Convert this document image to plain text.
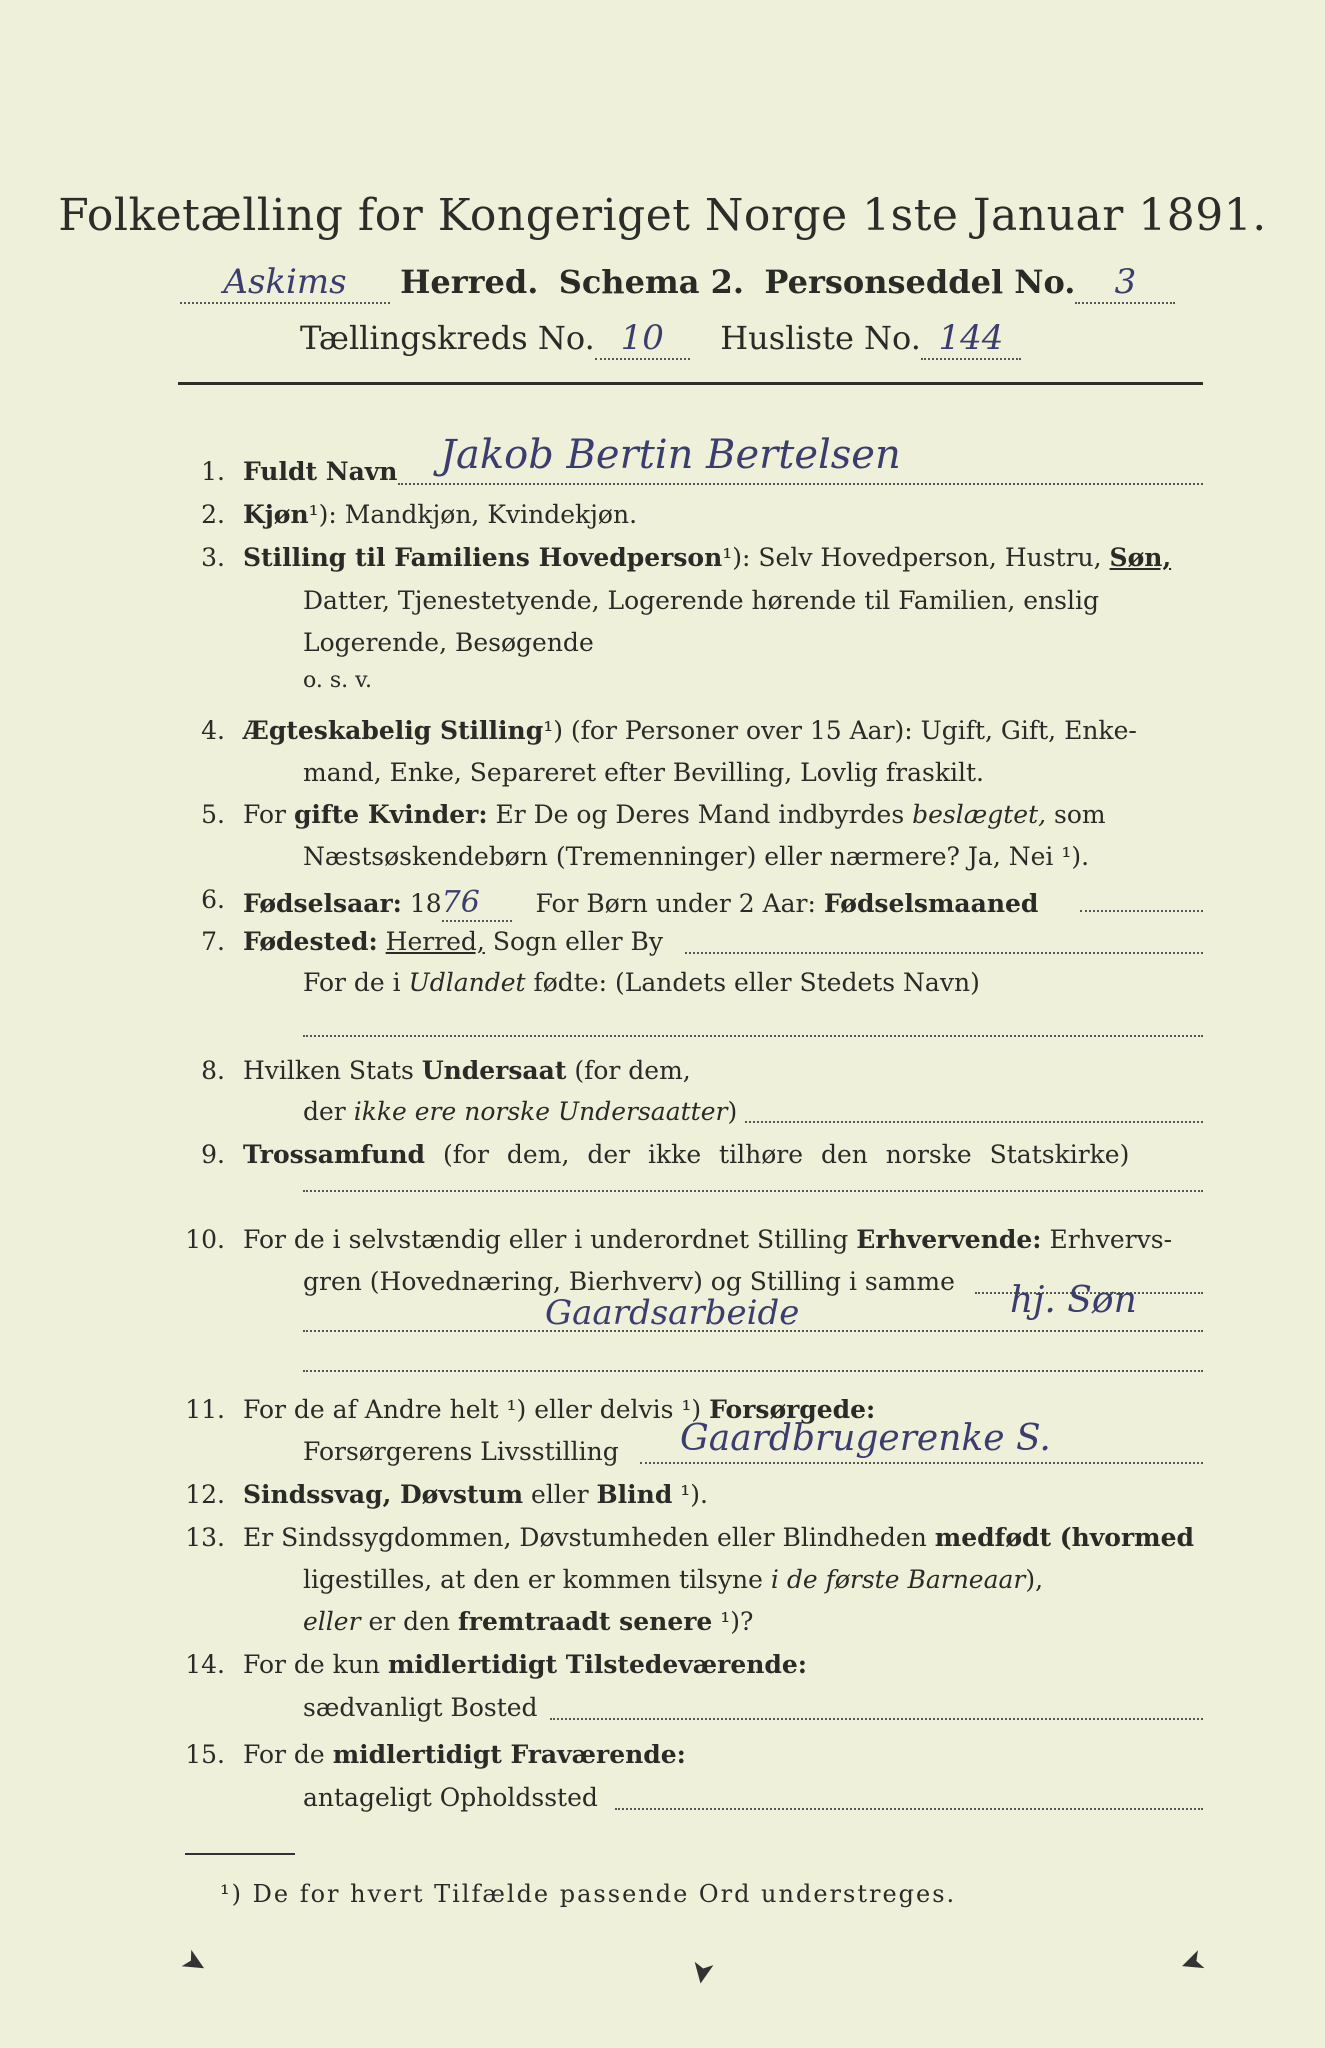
Folketælling for Kongeriget Norge 1ste Januar 1891.
Askims Herred. Schema 2. Personseddel No. 3
Tællingskreds No. 10 Husliste No. 144
1. Fuldt Navn Jakob Bertin Bertelsen
2. Kjøn¹): Mandkjøn, Kvindekjøn.
3. Stilling til Familiens Hovedperson¹): Selv Hovedperson, Hustru, Søn,
Datter, Tjenestetyende, Logerende hørende til Familien, enslig
Logerende, Besøgende
o. s. v.
4. Ægteskabelig Stilling¹) (for Personer over 15 Aar): Ugift, Gift, Enke-
mand, Enke, Separeret efter Bevilling, Lovlig fraskilt.
5. For gifte Kvinder: Er De og Deres Mand indbyrdes beslægtet, som
Næstsøskendebørn (Tremenninger) eller nærmere? Ja, Nei ¹).
6. Fødselsaar: 1876 For Børn under 2 Aar: Fødselsmaaned
7. Fødested: Herred, Sogn eller By
For de i Udlandet fødte: (Landets eller Stedets Navn)
8. Hvilken Stats Undersaat (for dem,
der ikke ere norske Undersaatter)
9. Trossamfund (for dem, der ikke tilhøre den norske Statskirke)
10. For de i selvstændig eller i underordnet Stilling Erhvervende: Erhvervs-
gren (Hovednæring, Bierhverv) og Stilling i samme
Gaardsarbeide	hj. Søn
11. For de af Andre helt ¹) eller delvis ¹) Forsørgede:
Forsørgerens Livsstilling Gaardbrugerenke S.
12. Sindssvag, Døvstum eller Blind ¹).
13. Er Sindssygdommen, Døvstumheden eller Blindheden medfødt (hvormed
ligestilles, at den er kommen tilsyne i de første Barneaar),
eller er den fremtraadt senere ¹)?
14. For de kun midlertidigt Tilstedeværende:
sædvanligt Bosted
15. For de midlertidigt Fraværende:
antageligt Opholdssted
¹) De for hvert Tilfælde passende Ord understreges.
➤	➤	➤
